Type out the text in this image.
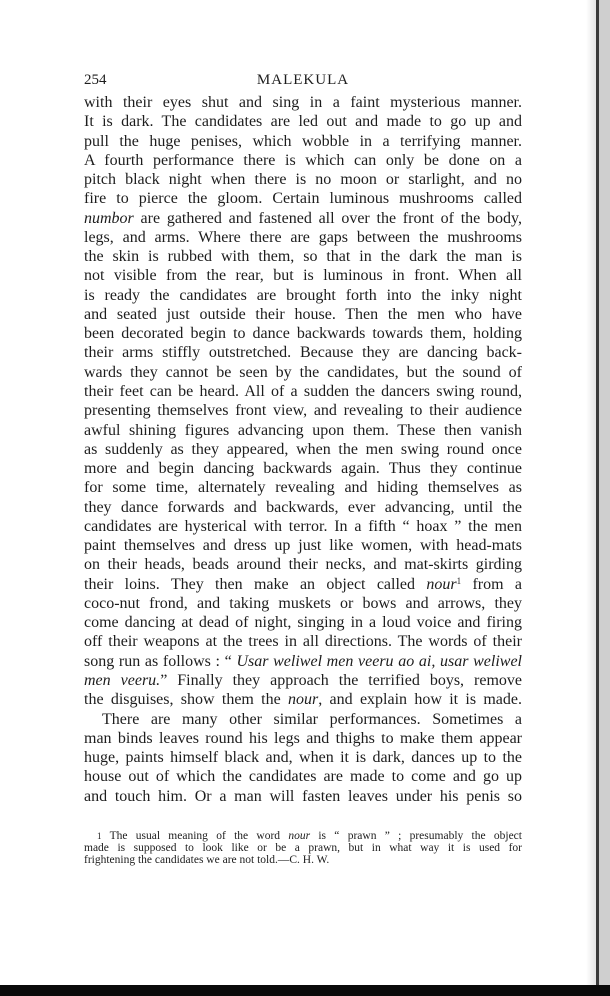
254	MALEKULA
with their eyes shut and sing in a faint mysterious manner.
It is dark. The candidates are led out and made to go up and
pull the huge penises, which wobble in a terrifying manner.
A fourth performance there is which can only be done on a
pitch black night when there is no moon or starlight, and no
fire to pierce the gloom. Certain luminous mushrooms called
numbor are gathered and fastened all over the front of the body,
legs, and arms. Where there are gaps between the mushrooms
the skin is rubbed with them, so that in the dark the man is
not visible from the rear, but is luminous in front. When all
is ready the candidates are brought forth into the inky night
and seated just outside their house. Then the men who have
been decorated begin to dance backwards towards them, holding
their arms stiffly outstretched. Because they are dancing back-
wards they cannot be seen by the candidates, but the sound of
their feet can be heard. All of a sudden the dancers swing round,
presenting themselves front view, and revealing to their audience
awful shining figures advancing upon them. These then vanish
as suddenly as they appeared, when the men swing round once
more and begin dancing backwards again. Thus they continue
for some time, alternately revealing and hiding themselves as
they dance forwards and backwards, ever advancing, until the
candidates are hysterical with terror. In a fifth “ hoax ” the men
paint themselves and dress up just like women, with head-mats
on their heads, beads around their necks, and mat-skirts girding
their loins. They then make an object called nour$^1$ from a
coco-nut frond, and taking muskets or bows and arrows, they
come dancing at dead of night, singing in a loud voice and firing
off their weapons at the trees in all directions. The words of their
song run as follows : “ Usar weliwel men veeru ao ai, usar weliwel
men veeru.” Finally they approach the terrified boys, remove
the disguises, show them the nour, and explain how it is made.
There are many other similar performances. Sometimes a
man binds leaves round his legs and thighs to make them appear
huge, paints himself black and, when it is dark, dances up to the
house out of which the candidates are made to come and go up
and touch him. Or a man will fasten leaves under his penis so
$^1$ The usual meaning of the word nour is “ prawn ” ; presumably the object
made is supposed to look like or be a prawn, but in what way it is used for
frightening the candidates we are not told.—C. H. W.
